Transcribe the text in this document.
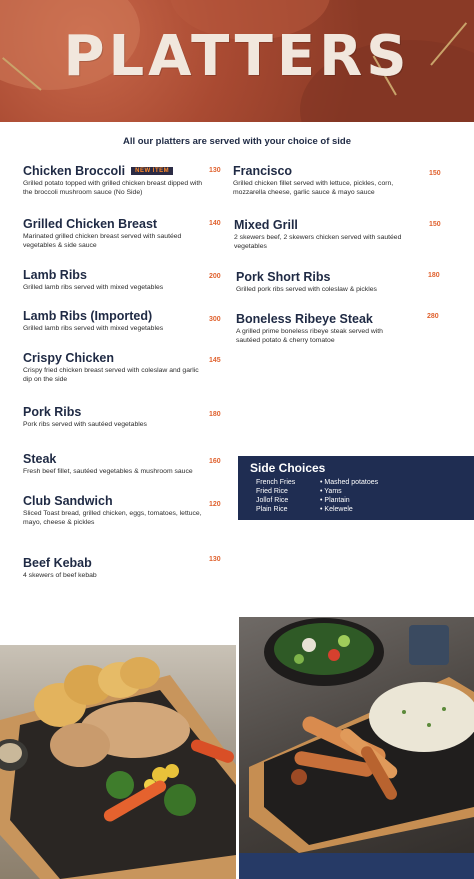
PLATTERS
All our platters are served with your choice of side
Chicken Broccoli NEW ITEM
Grilled potato topped with grilled chicken breast dipped with the broccoli mushroom sauce (No Side)
130
Grilled Chicken Breast
Marinated grilled chicken breast served with sautéed vegetables & side sauce
140
Lamb Ribs
Grilled lamb ribs served with mixed vegetables
200
Lamb Ribs (Imported)
Grilled lamb ribs served with mixed vegetables
300
Crispy Chicken
Crispy fried chicken breast served with coleslaw and garlic dip on the side
145
Pork Ribs
Pork ribs served with sautéed vegetables
180
Steak
Fresh beef fillet, sautéed vegetables & mushroom sauce
160
Club Sandwich
Sliced Toast bread, grilled chicken, eggs, tomatoes, lettuce, mayo, cheese & pickles
120
Beef Kebab
4 skewers of beef kebab
130
Francisco
Grilled chicken fillet served with lettuce, pickles, corn, mozzarella cheese, garlic sauce & mayo sauce
150
Mixed Grill
2 skewers beef, 2 skewers chicken served with sautéed vegetables
150
Pork Short Ribs
Grilled pork ribs served with coleslaw & pickles
180
Boneless Ribeye Steak
A grilled prime boneless ribeye steak served with sautéed potato & cherry tomatoe
280
Side Choices
French Fries
Fried Rice
Jollof Rice
Plain Rice
• Mashed potatoes
• Yams
• Plantain
• Kelewele
